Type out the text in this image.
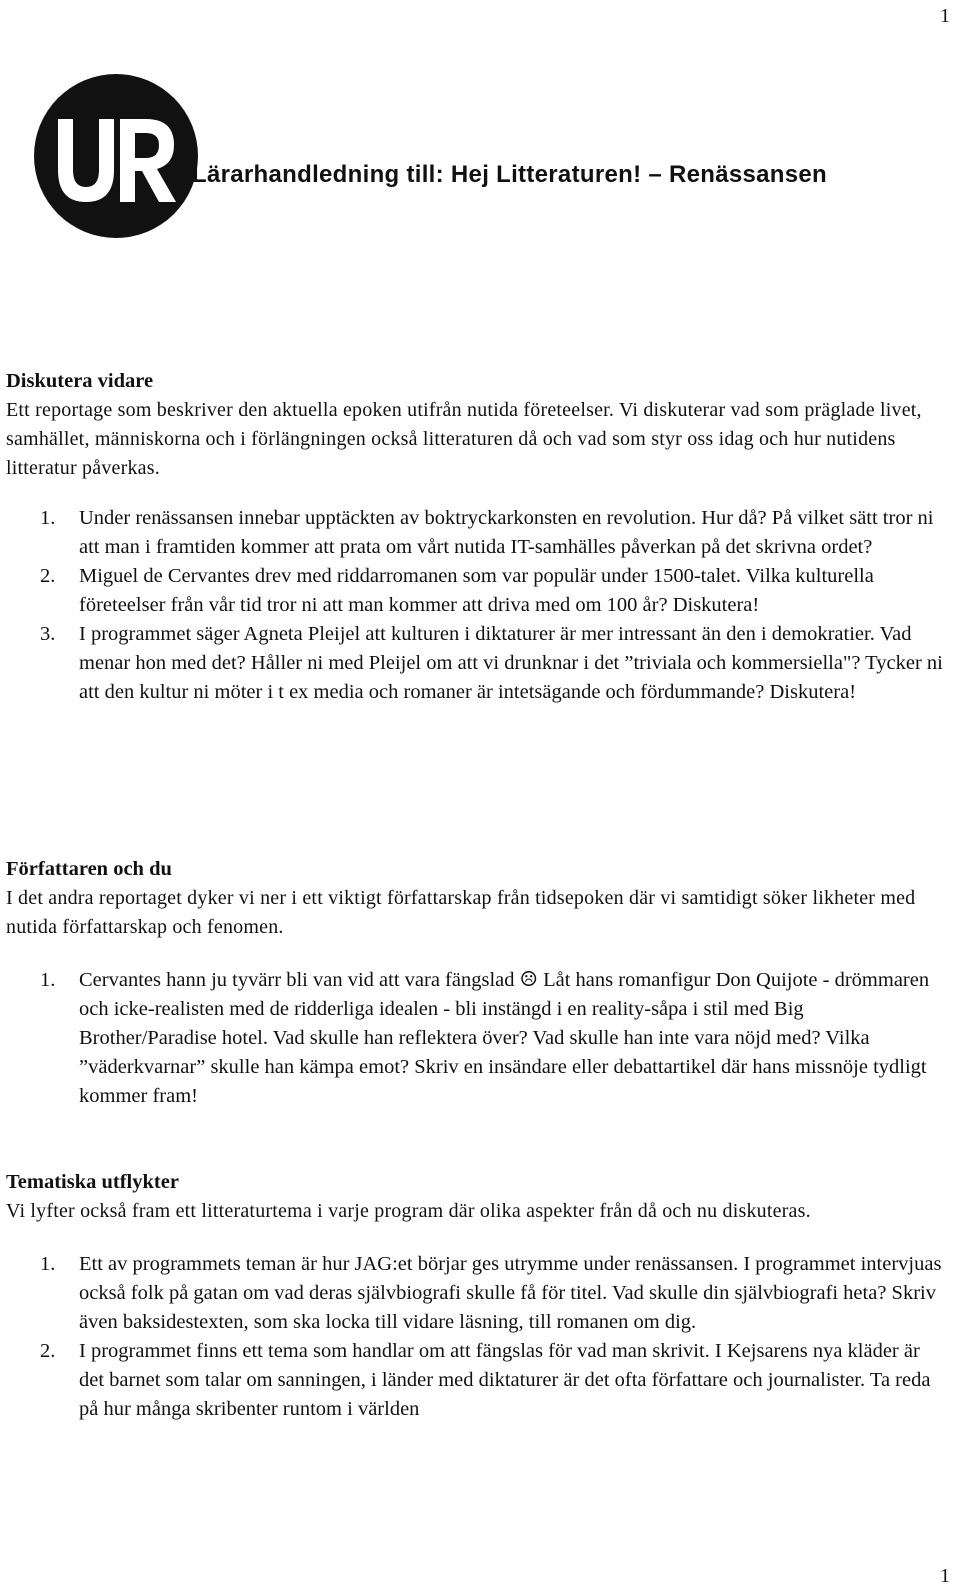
1
Lärarhandledning till: Hej Litteraturen! – Renässansen
Diskutera vidare

Ett reportage som beskriver den aktuella epoken utifrån nutida företeelser. Vi diskuterar vad som präglade livet, samhället, människorna och i förlängningen också litteraturen då och vad som styr oss idag och hur nutidens litteratur påverkas.

1. Under renässansen innebar upptäckten av boktryckarkonsten en revolution. Hur då? På vilket sätt tror ni att man i framtiden kommer att prata om vårt nutida IT-samhälles påverkan på det skrivna ordet?
2. Miguel de Cervantes drev med riddarromanen som var populär under 1500-talet. Vilka kulturella företeelser från vår tid tror ni att man kommer att driva med om 100 år? Diskutera!
3. I programmet säger Agneta Pleijel att kulturen i diktaturer är mer intressant än den i demokratier. Vad menar hon med det? Håller ni med Pleijel om att vi drunknar i det ”triviala och kommersiella"? Tycker ni att den kultur ni möter i t ex media och romaner är intetsägande och fördummande? Diskutera!
Författaren och du

I det andra reportaget dyker vi ner i ett viktigt författarskap från tidsepoken där vi samtidigt söker likheter med nutida författarskap och fenomen.

1. Cervantes hann ju tyvärr bli van vid att vara fängslad ☹ Låt hans romanfigur Don Quijote - drömmaren och icke-realisten med de ridderliga idealen - bli instängd i en reality-såpa i stil med Big Brother/Paradise hotel. Vad skulle han reflektera över? Vad skulle han inte vara nöjd med? Vilka ”väderkvarnar” skulle han kämpa emot? Skriv en insändare eller debattartikel där hans missnöje tydligt kommer fram!
Tematiska utflykter

Vi lyfter också fram ett litteraturtema i varje program där olika aspekter från då och nu diskuteras.

1. Ett av programmets teman är hur JAG:et börjar ges utrymme under renässansen. I programmet intervjuas också folk på gatan om vad deras självbiografi skulle få för titel. Vad skulle din självbiografi heta? Skriv även baksidestexten, som ska locka till vidare läsning, till romanen om dig.
2. I programmet finns ett tema som handlar om att fängslas för vad man skrivit. I Kejsarens nya kläder är det barnet som talar om sanningen, i länder med diktaturer är det ofta författare och journalister. Ta reda på hur många skribenter runtom i världen
1
